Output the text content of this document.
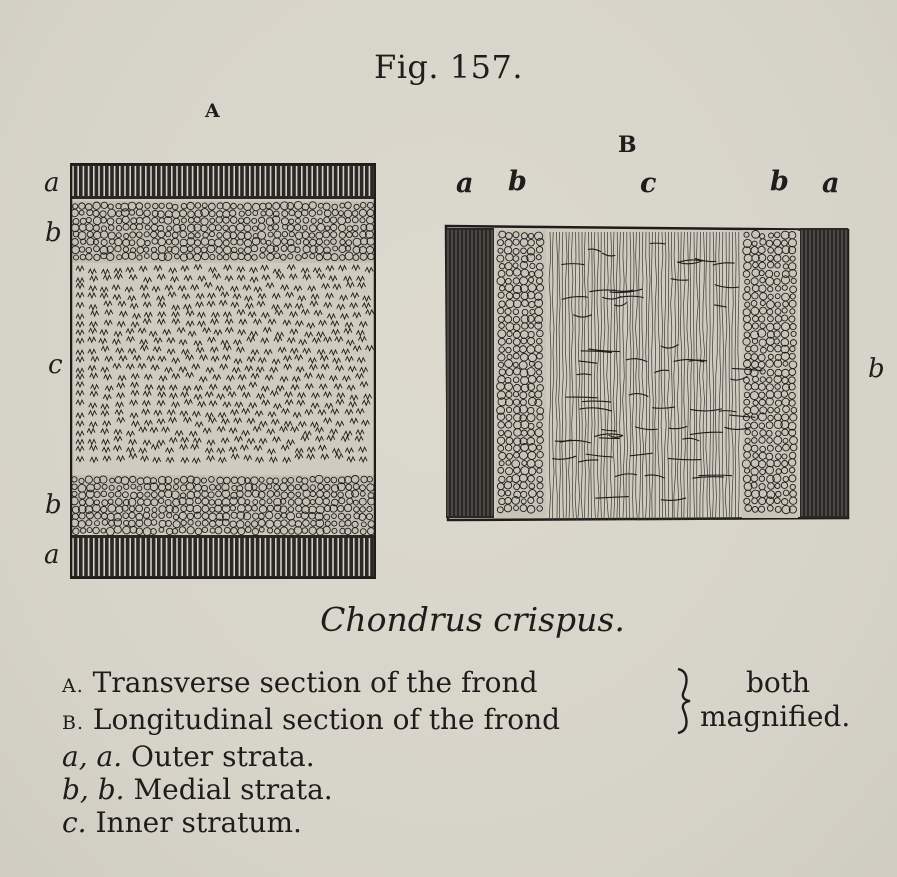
Fig. 157.
A
a
b
c
b
a
B
a b	c	b a
b
Chondrus crispus.
A. Transverse section of the frond
B. Longitudinal section of the frond
a, a. Outer strata.
b, b. Medial strata.
c. Inner stratum.
both
magnified.
